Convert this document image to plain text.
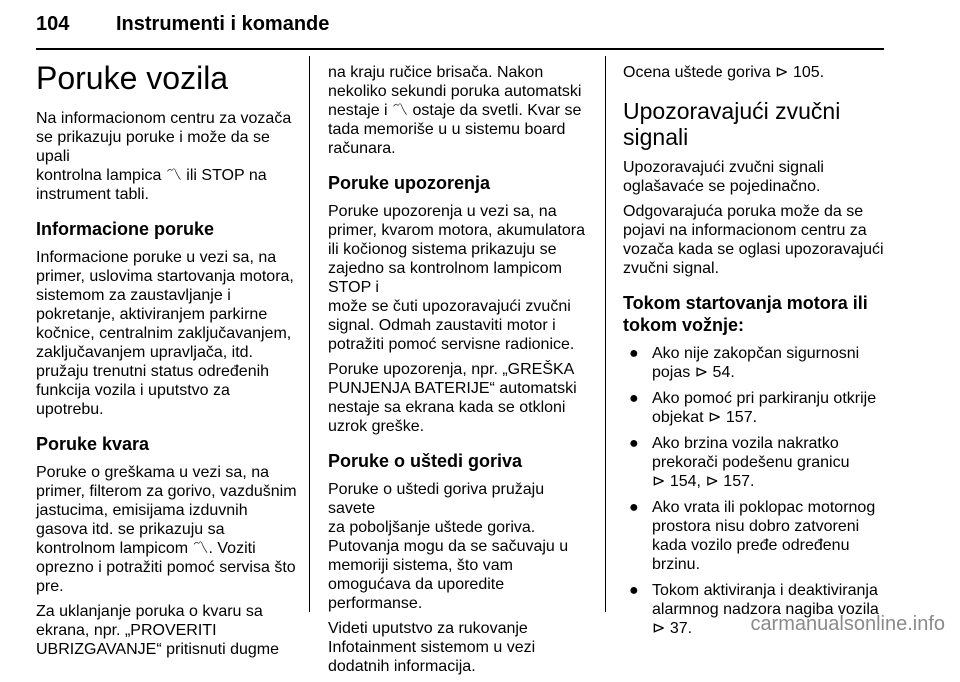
104 Instrumenti i komande
Poruke vozila

Na informacionom centru za vozača
se prikazuju poruke i može da se upali
kontrolna lampica 〽 ili STOP na
instrument tabli.

Informacione poruke

Informacione poruke u vezi sa, na
primer, uslovima startovanja motora,
sistemom za zaustavljanje i
pokretanje, aktiviranjem parkirne
kočnice, centralnim zaključavanjem,
zaključavanjem upravljača, itd.
pružaju trenutni status određenih
funkcija vozila i uputstvo za upotrebu.

Poruke kvara

Poruke o greškama u vezi sa, na
primer, filterom za gorivo, vazdušnim
jastucima, emisijama izduvnih
gasova itd. se prikazuju sa
kontrolnom lampicom 〽. Voziti
oprezno i potražiti pomoć servisa što
pre.

Za uklanjanje poruka o kvaru sa
ekrana, npr. „PROVERITI
UBRIZGAVANJE“ pritisnuti dugme

na kraju ručice brisača. Nakon
nekoliko sekundi poruka automatski
nestaje i 〽 ostaje da svetli. Kvar se
tada memoriše u u sistemu board
računara.

Poruke upozorenja

Poruke upozorenja u vezi sa, na
primer, kvarom motora, akumulatora
ili kočionog sistema prikazuju se
zajedno sa kontrolnom lampicom STOP i
može se čuti upozoravajući zvučni
signal. Odmah zaustaviti motor i
potražiti pomoć servisne radionice.

Poruke upozorenja, npr. „GREŠKA
PUNJENJA BATERIJE“ automatski
nestaje sa ekrana kada se otkloni
uzrok greške.

Poruke o uštedi goriva

Poruke o uštedi goriva pružaju savete
za poboljšanje uštede goriva.
Putovanja mogu da se sačuvaju u
memoriji sistema, što vam
omogućava da uporedite
performanse.

Videti uputstvo za rukovanje
Infotainment sistemom u vezi
dodatnih informacija.

Ocena uštede goriva ⊳ 105.

Upozoravajući zvučni
signali

Upozoravajući zvučni signali
oglašavaće se pojedinačno.

Odgovarajuća poruka može da se
pojavi na informacionom centru za
vozača kada se oglasi upozoravajući
zvučni signal.

Tokom startovanja motora ili
tokom vožnje:
● Ako nije zakopčan sigurnosni
pojas ⊳ 54.
● Ako pomoć pri parkiranju otkrije
objekat ⊳ 157.
● Ako brzina vozila nakratko
prekorači podešenu granicu
⊳ 154, ⊳ 157.
● Ako vrata ili poklopac motornog
prostora nisu dobro zatvoreni
kada vozilo pređe određenu
brzinu.
● Tokom aktiviranja i deaktiviranja
alarmnog nadzora nagiba vozila
⊳ 37.	carmanualsonline.info
